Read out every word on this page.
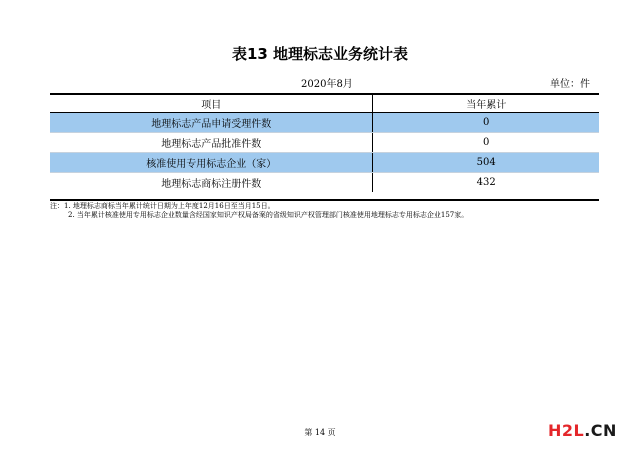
表13 地理标志业务统计表
2020年8月	单位：件
项目	当年累计
地理标志产品申请受理件数	0
地理标志产品批准件数	0
核准使用专用标志企业（家）	504
地理标志商标注册件数	432
注：1. 地理标志商标当年累计统计日期为上年度12月16日至当月15日。
2. 当年累计核准使用专用标志企业数量含经国家知识产权局备案的省级知识产权管理部门核准使用地理标志专用标志企业157家。
第 14 页	H2L.CN
